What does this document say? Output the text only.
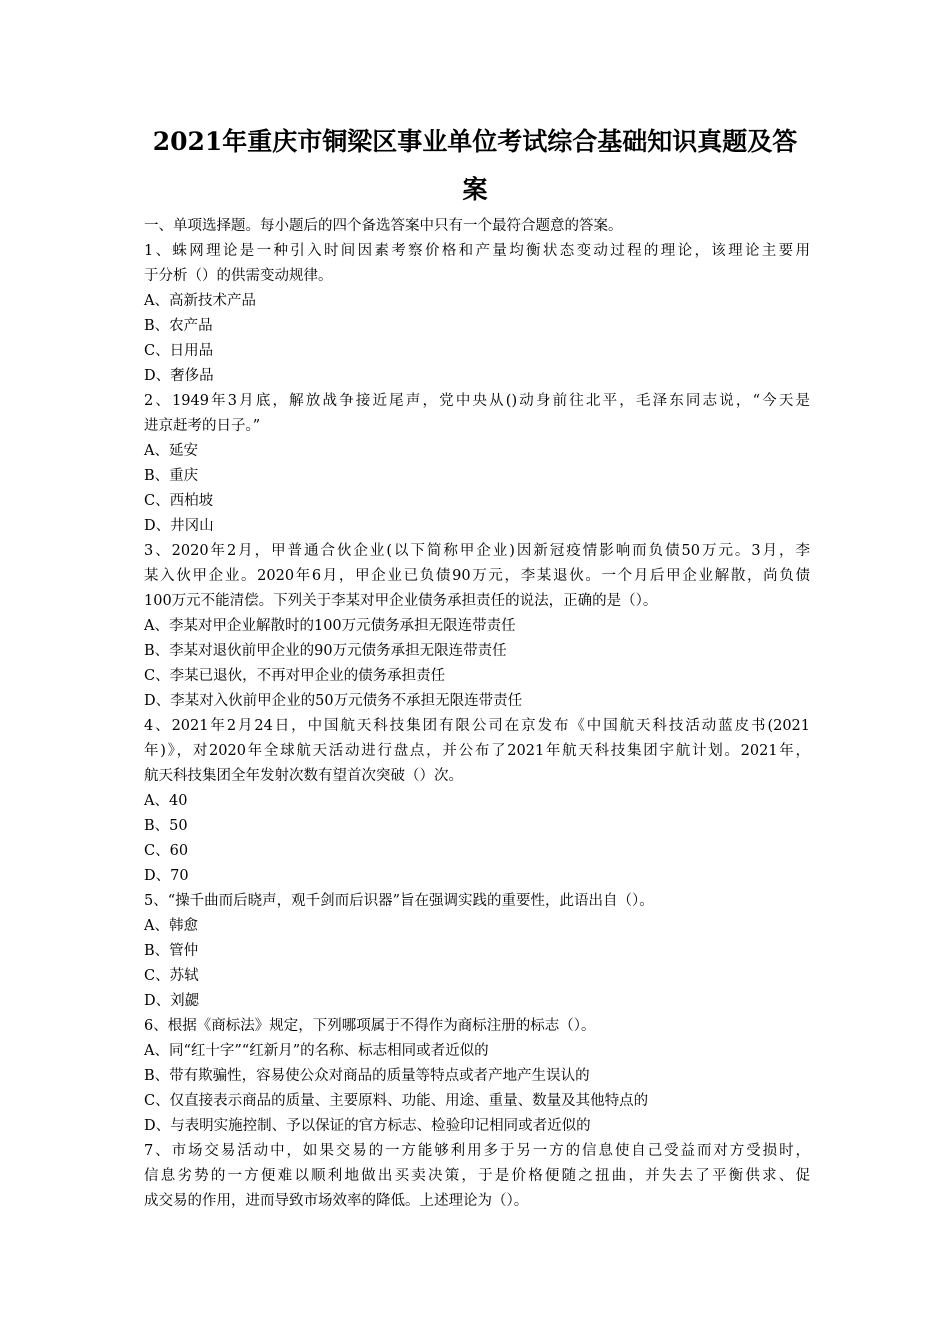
2021年重庆市铜梁区事业单位考试综合基础知识真题及答
案
一、单项选择题。每小题后的四个备选答案中只有一个最符合题意的答案。
1、蛛网理论是一种引入时间因素考察价格和产量均衡状态变动过程的理论，该理论主要用
于分析（）的供需变动规律。
A、高新技术产品
B、农产品
C、日用品
D、奢侈品
2、1949年3月底，解放战争接近尾声，党中央从()动身前往北平，毛泽东同志说，“今天是
进京赶考的日子。”
A、延安
B、重庆
C、西柏坡
D、井冈山
3、2020年2月，甲普通合伙企业(以下简称甲企业)因新冠疫情影响而负债50万元。3月，李
某入伙甲企业。2020年6月，甲企业已负债90万元，李某退伙。一个月后甲企业解散，尚负债
100万元不能清偿。下列关于李某对甲企业债务承担责任的说法，正确的是（）。
A、李某对甲企业解散时的100万元债务承担无限连带责任
B、李某对退伙前甲企业的90万元债务承担无限连带责任
C、李某已退伙，不再对甲企业的债务承担责任
D、李某对入伙前甲企业的50万元债务不承担无限连带责任
4、2021年2月24日，中国航天科技集团有限公司在京发布《中国航天科技活动蓝皮书(2021
年)》，对2020年全球航天活动进行盘点，并公布了2021年航天科技集团宇航计划。2021年，
航天科技集团全年发射次数有望首次突破（）次。
A、40
B、50
C、60
D、70
5、“操千曲而后晓声，观千剑而后识器”旨在强调实践的重要性，此语出自（）。
A、韩愈
B、管仲
C、苏轼
D、刘勰
6、根据《商标法》规定，下列哪项属于不得作为商标注册的标志（）。
A、同“红十字”“红新月”的名称、标志相同或者近似的
B、带有欺骗性，容易使公众对商品的质量等特点或者产地产生误认的
C、仅直接表示商品的质量、主要原料、功能、用途、重量、数量及其他特点的
D、与表明实施控制、予以保证的官方标志、检验印记相同或者近似的
7、市场交易活动中，如果交易的一方能够利用多于另一方的信息使自己受益而对方受损时，
信息劣势的一方便难以顺利地做出买卖决策，于是价格便随之扭曲，并失去了平衡供求、促
成交易的作用，进而导致市场效率的降低。上述理论为（）。
